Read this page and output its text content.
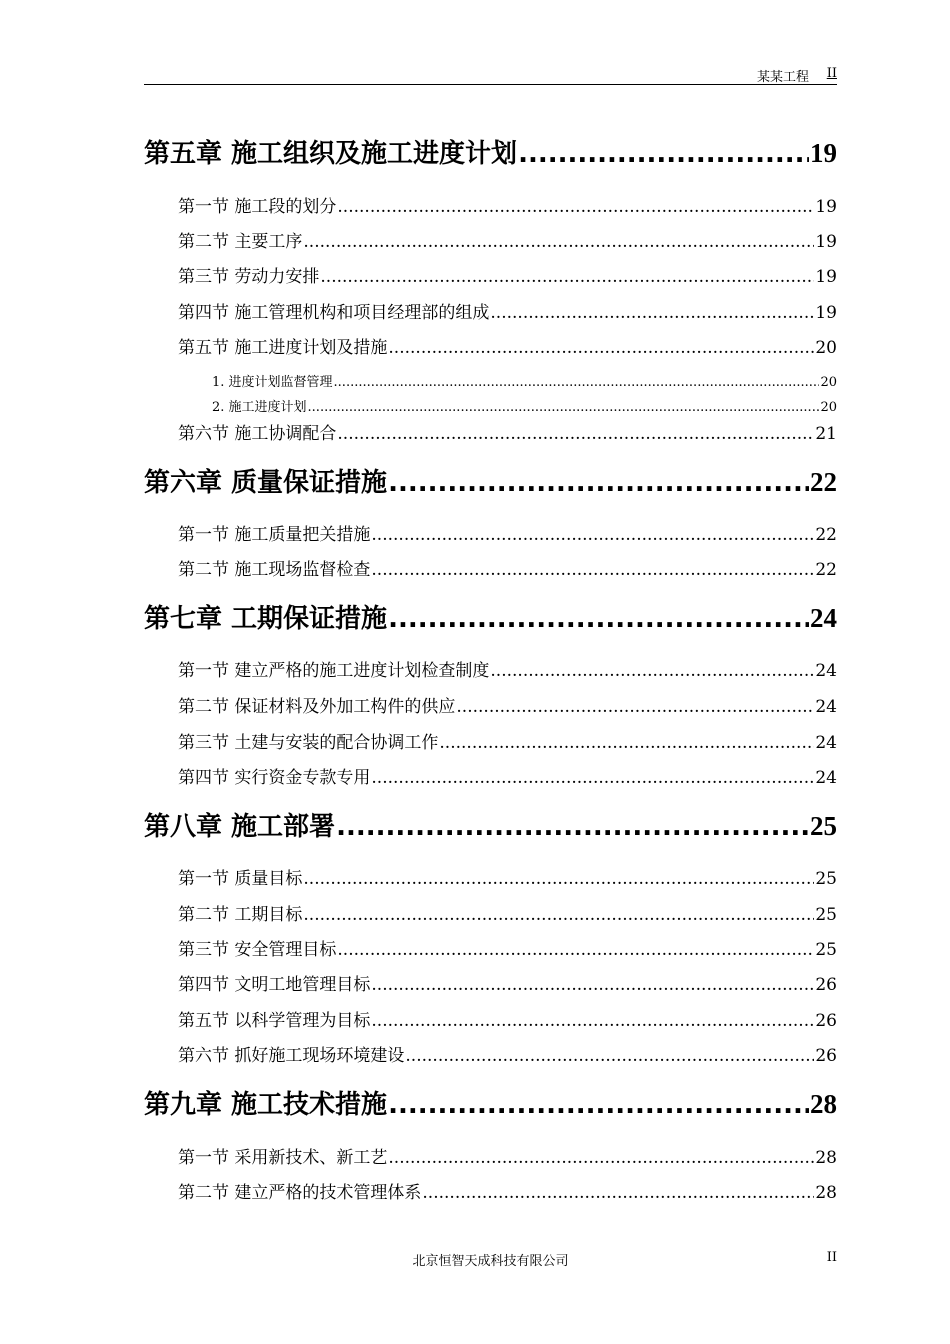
某某工程 II
第五章 施工组织及施工进度计划 .....	19
第一节 施工段的划分 .....	19
第二节 主要工序 .....	19
第三节 劳动力安排 .....	19
第四节 施工管理机构和项目经理部的组成 .....	19
第五节 施工进度计划及措施 .....	20
1. 进度计划监督管理 .....	20
2. 施工进度计划 .....	20
第六节 施工协调配合 .....	21
第六章 质量保证措施 .....	22
第一节 施工质量把关措施 .....	22
第二节 施工现场监督检查 .....	22
第七章 工期保证措施 .....	24
第一节 建立严格的施工进度计划检查制度 .....	24
第二节 保证材料及外加工构件的供应 .....	24
第三节 土建与安装的配合协调工作 .....	24
第四节 实行资金专款专用 .....	24
第八章 施工部署 .....	25
第一节 质量目标 .....	25
第二节 工期目标 .....	25
第三节 安全管理目标 .....	25
第四节 文明工地管理目标 .....	26
第五节 以科学管理为目标 .....	26
第六节 抓好施工现场环境建设 .....	26
第九章 施工技术措施 .....	28
第一节 采用新技术、新工艺 .....	28
第二节 建立严格的技术管理体系 .....	28
北京恒智天成科技有限公司	II
